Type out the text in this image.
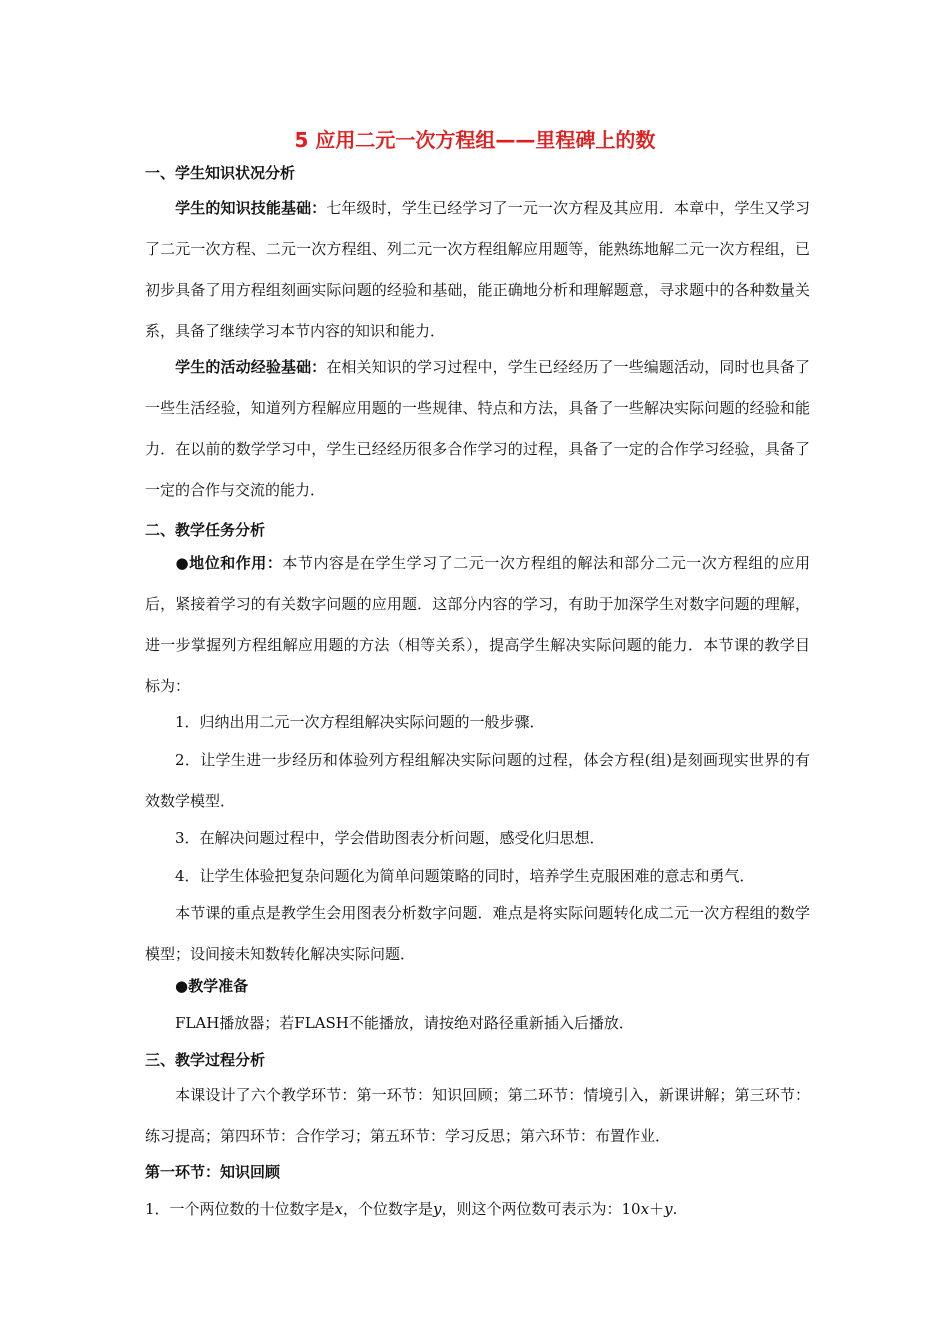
5 应用二元一次方程组——里程碑上的数
一、学生知识状况分析
学生的知识技能基础：七年级时，学生已经学习了一元一次方程及其应用．本章中，学生又学习了二元一次方程、二元一次方程组、列二元一次方程组解应用题等，能熟练地解二元一次方程组，已初步具备了用方程组刻画实际问题的经验和基础，能正确地分析和理解题意，寻求题中的各种数量关系，具备了继续学习本节内容的知识和能力．
学生的活动经验基础：在相关知识的学习过程中，学生已经经历了一些编题活动，同时也具备了一些生活经验，知道列方程解应用题的一些规律、特点和方法，具备了一些解决实际问题的经验和能力．在以前的数学学习中，学生已经经历很多合作学习的过程，具备了一定的合作学习经验，具备了一定的合作与交流的能力．
二、教学任务分析
●地位和作用：本节内容是在学生学习了二元一次方程组的解法和部分二元一次方程组的应用后，紧接着学习的有关数字问题的应用题．这部分内容的学习，有助于加深学生对数字问题的理解，进一步掌握列方程组解应用题的方法（相等关系），提高学生解决实际问题的能力．本节课的教学目标为：
1．归纳出用二元一次方程组解决实际问题的一般步骤．
2．让学生进一步经历和体验列方程组解决实际问题的过程，体会方程(组)是刻画现实世界的有效数学模型．
3．在解决问题过程中，学会借助图表分析问题，感受化归思想．
4．让学生体验把复杂问题化为简单问题策略的同时，培养学生克服困难的意志和勇气．
本节课的重点是教学生会用图表分析数字问题．难点是将实际问题转化成二元一次方程组的数学模型；设间接未知数转化解决实际问题．
●教学准备
FLAH播放器；若FLASH不能播放，请按绝对路径重新插入后播放．
三、教学过程分析
本课设计了六个教学环节：第一环节：知识回顾；第二环节：情境引入，新课讲解；第三环节：练习提高；第四环节：合作学习；第五环节：学习反思；第六环节：布置作业．
第一环节：知识回顾
1．一个两位数的十位数字是x，个位数字是y，则这个两位数可表示为：10x＋y.
